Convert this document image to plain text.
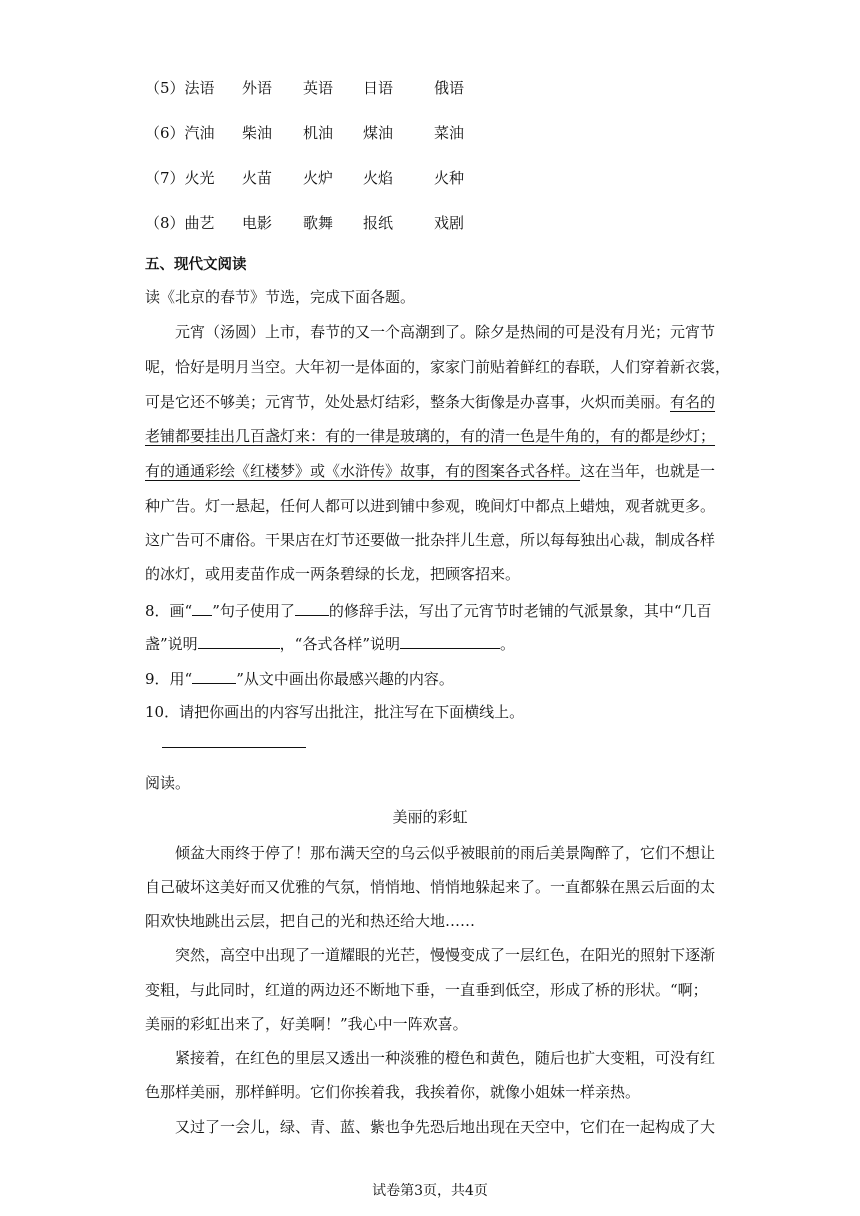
（5）法语 外语 英语 日语	俄语
（6）汽油 柴油 机油 煤油	菜油
（7）火光 火苗 火炉 火焰	火种
（8）曲艺 电影 歌舞 报纸	戏剧
五、现代文阅读
读《北京的春节》节选，完成下面各题。
元宵（汤圆）上市，春节的又一个高潮到了。除夕是热闹的可是没有月光；元宵节
呢，恰好是明月当空。大年初一是体面的，家家门前贴着鲜红的春联，人们穿着新衣裳，
可是它还不够美；元宵节，处处悬灯结彩，整条大街像是办喜事，火炽而美丽。有名的
老铺都要挂出几百盏灯来：有的一律是玻璃的，有的清一色是牛角的，有的都是纱灯；
有的通通彩绘《红楼梦》或《水浒传》故事，有的图案各式各样。这在当年，也就是一
种广告。灯一悬起，任何人都可以进到铺中参观，晚间灯中都点上蜡烛，观者就更多。
这广告可不庸俗。干果店在灯节还要做一批杂拌儿生意，所以每每独出心裁，制成各样
的冰灯，或用麦苗作成一两条碧绿的长龙，把顾客招来。
8．画“ ”句子使用了 的修辞手法，写出了元宵节时老铺的气派景象，其中“几百
盏”说明	，“各式各样”说明	。
9．用“	”从文中画出你最感兴趣的内容。
10．请把你画出的内容写出批注，批注写在下面横线上。
阅读。
美丽的彩虹
倾盆大雨终于停了！那布满天空的乌云似乎被眼前的雨后美景陶醉了，它们不想让
自己破坏这美好而又优雅的气氛，悄悄地、悄悄地躲起来了。一直都躲在黑云后面的太
阳欢快地跳出云层，把自己的光和热还给大地……
突然，高空中出现了一道耀眼的光芒，慢慢变成了一层红色，在阳光的照射下逐渐
变粗，与此同时，红道的两边还不断地下垂，一直垂到低空，形成了桥的形状。“啊；
美丽的彩虹出来了，好美啊！”我心中一阵欢喜。
紧接着，在红色的里层又透出一种淡雅的橙色和黄色，随后也扩大变粗，可没有红
色那样美丽，那样鲜明。它们你挨着我，我挨着你，就像小姐妹一样亲热。
又过了一会儿，绿、青、蓝、紫也争先恐后地出现在天空中，它们在一起构成了大
试卷第3页，共4页
